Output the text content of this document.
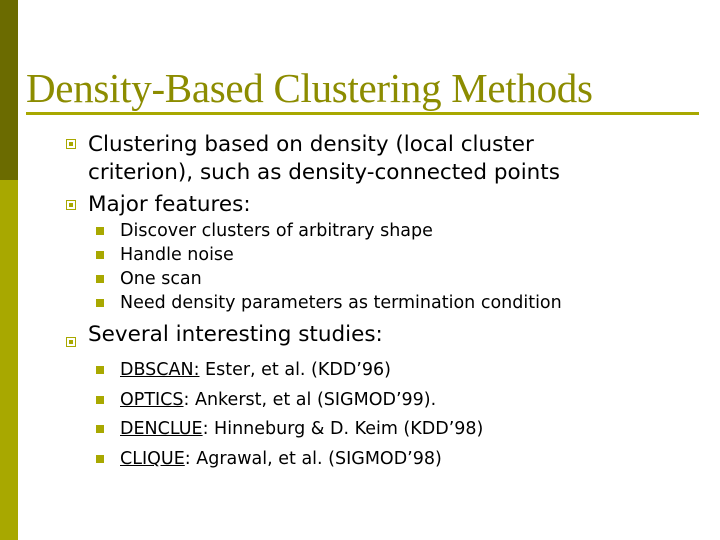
Density-Based Clustering Methods
Clustering based on density (local cluster
criterion), such as density-connected points
Major features:
Discover clusters of arbitrary shape
Handle noise
One scan
Need density parameters as termination condition
Several interesting studies:
DBSCAN: Ester, et al. (KDD’96)
OPTICS: Ankerst, et al (SIGMOD’99).
DENCLUE: Hinneburg & D. Keim (KDD’98)
CLIQUE: Agrawal, et al. (SIGMOD’98)
